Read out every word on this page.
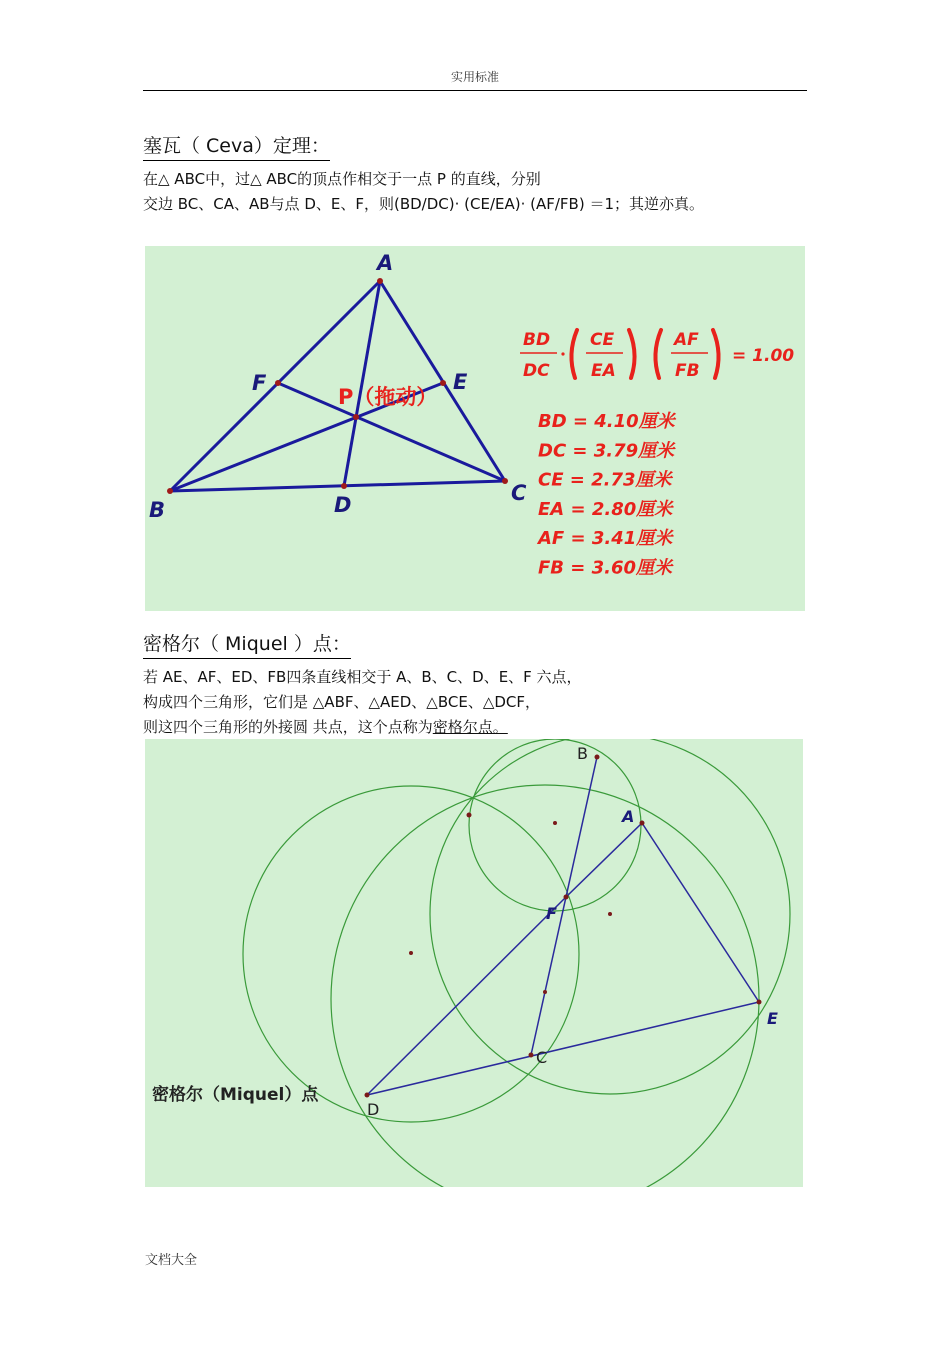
实用标准
塞瓦（ Ceva）定理：
在△ ABC中，过△ ABC的顶点作相交于一点 P 的直线，分别
交边 BC、CA、AB与点 D、E、F，则(BD/DC)· (CE/EA)· (AF/FB) ＝1；其逆亦真。
A
B
C
D
E
F
P（拖动）
BD
DC
CE
EA
AF
FB
= 1.00
BD = 4.10厘米
DC = 3.79厘米
CE = 2.73厘米
EA = 2.80厘米
AF = 3.41厘米
FB = 3.60厘米
密格尔（ Miquel ）点：
若 AE、AF、ED、FB四条直线相交于 A、B、C、D、E、F 六点，
构成四个三角形，它们是 △ABF、△AED、△BCE、△DCF，
则这四个三角形的外接圆 共点，这个点称为密格尔点。
B
C
D
A
F
E
密格尔（Miquel）点
文档大全
